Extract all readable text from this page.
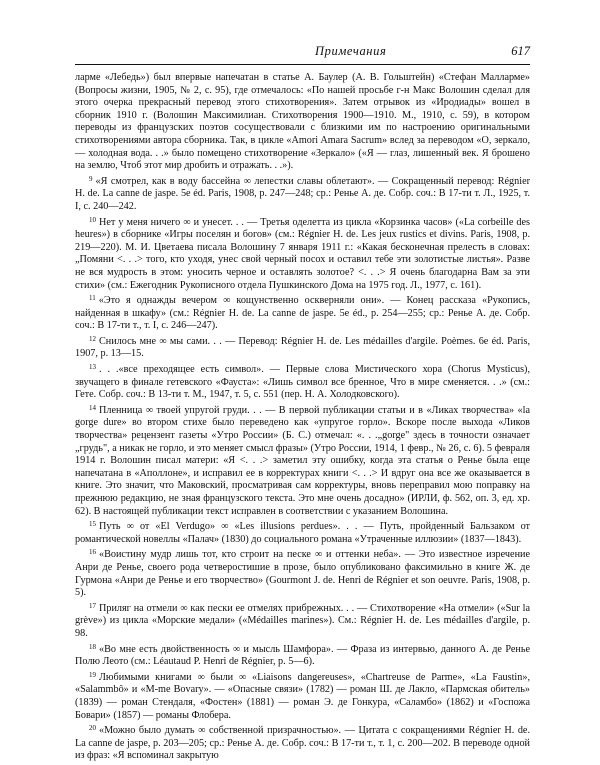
Примечания	617

ларме «Лебедь») был впервые напечатан в статье А. Баулер (А. В. Гольштейн) «Стефан Малларме» (Вопросы жизни, 1905, № 2, с. 95), где отмечалось: «По нашей просьбе г-н Макс Волошин сделал для этого очерка прекрасный перевод этого стихотворения». Затем отрывок из «Иродиады» вошел в сборник 1910 г. (Волошин Максимилиан. Стихотворения 1900—1910. М., 1910, с. 59), в котором переводы из французских поэтов сосуществовали с близкими им по настроению оригинальными стихотворениями автора сборника. Так, в цикле «Amori Amara Sacrum» вслед за переводом «О, зеркало,— холодная вода. . .» было помещено стихотворение «Зеркало» («Я — глаз, лишенный век. Я брошено на землю, Чтоб этот мир дробить и отражать. . .»).

$^9$ «Я смотрел, как в воду бассейна ∞ лепестки славы облетают». — Сокращенный перевод: Régnier H. de. La canne de jaspe. 5e éd. Paris, 1908, p. 247—248; ср.: Ренье А. де. Собр. соч.: В 17-ти т. Л., 1925, т. I, с. 240—242.

$^{10}$ Нет у меня ничего ∞ и унесет. . . — Третья оделетта из цикла «Корзинка часов» («La corbeille des heures») в сборнике «Игры поселян и богов» (см.: Régnier H. de. Les jeux rustics et divins. Paris, 1908, p. 219—220). М. И. Цветаева писала Волошину 7 января 1911 г.: «Какая бесконечная прелесть в словах: „Помяни <. . .> того, кто уходя, унес свой черный посох и оставил тебе эти золотистые листья». Разве не вся мудрость в этом: уносить черное и оставлять золотое? <. . .> Я очень благодарна Вам за эти стихи» (см.: Ежегодник Рукописного отдела Пушкинского Дома на 1975 год. Л., 1977, с. 161).

$^{11}$ «Это я однажды вечером ∞ кощунственно оскверняли они». — Конец рассказа «Рукопись, найденная в шкафу» (см.: Régnier H. de. La canne de jaspe. 5e éd., p. 254—255; ср.: Ренье А. де. Собр. соч.: В 17-ти т., т. I, с. 246—247).

$^{12}$ Снилось мне ∞ мы сами. . . — Перевод: Régnier H. de. Les médailles d'argile. Poèmes. 6e éd. Paris, 1907, p. 13—15.

$^{13}$ . . .«все преходящее есть символ». — Первые слова Мистического хора (Chorus Mysticus), звучащего в финале гетевского «Фауста»: «Лишь символ все бренное, Что в мире сменяется. . .» (см.: Гете. Собр. соч.: В 13-ти т. М., 1947, т. 5, с. 551 (пер. Н. А. Холодковского).

$^{14}$ Пленница ∞ твоей упругой груди. . . — В первой публикации статьи и в «Ликах творчества» «la gorge dure» во втором стихе было переведено как «упругое горло». Вскоре после выхода «Ликов творчества» рецензент газеты «Утро России» (Б. С.) отмечал: «. . .„gorge" здесь в точности означает „грудь", а никак не горло, и это меняет смысл фразы» (Утро России, 1914, 1 февр., № 26, с. 6). 5 февраля 1914 г. Волошин писал матери: «Я <. . .> заметил эту ошибку, когда эта статья о Ренье была еще напечатана в «Аполлоне», и исправил ее в корректурах книги <. . .> И вдруг она все же оказывается в книге. Это значит, что Маковский, просматривая сам корректуры, вновь переправил мою поправку на прежнюю редакцию, не зная французского текста. Это мне очень досадно» (ИРЛИ, ф. 562, оп. 3, ед. хр. 62). В настоящей публикации текст исправлен в соответствии с указанием Волошина.

$^{15}$ Путь ∞ от «El Verdugo» ∞ «Les illusions perdues». . . — Путь, пройденный Бальзаком от романтической новеллы «Палач» (1830) до социального романа «Утраченные иллюзии» (1837—1843).

$^{16}$ «Воистину мудр лишь тот, кто строит на песке ∞ и оттенки неба». — Это известное изречение Анри де Ренье, своего рода четверостишие в прозе, было опубликовано факсимильно в книге Ж. де Гурмона «Анри де Ренье и его творчество» (Gourmont J. de. Henri de Régnier et son oeuvre. Paris, 1908, p. 5).

$^{17}$ Приляг на отмели ∞ как пески ее отмелях прибрежных. . . — Стихотворение «На отмели» («Sur la grève») из цикла «Морские медали» («Médailles marines»). См.: Régnier H. de. Les médailles d'argile, p. 98.

$^{18}$ «Во мне есть двойственность ∞ и мысль Шамфора». — Фраза из интервью, данного А. де Ренье Полю Леото (см.: Léautaud P. Henri de Régnier, p. 5—6).

$^{19}$ Любимыми книгами ∞ были ∞ «Liaisons dangereuses», «Chartreuse de Parme», «La Faustin», «Salammbô» и «M-me Bovary». — «Опасные связи» (1782) — роман Ш. де Лакло, «Пармская обитель» (1839) — роман Стендаля, «Фостен» (1881) — роман Э. де Гонкура, «Саламбо» (1862) и «Госпожа Бовари» (1857) — романы Флобера.

$^{20}$ «Можно было думать ∞ собственной призрачностью». — Цитата с сокращениями Régnier H. de. La canne de jaspe, p. 203—205; ср.: Ренье А. де. Собр. соч.: В 17-ти т., т. 1, с. 200—202. В переводе одной из фраз: «Я вспоминал закрытую
